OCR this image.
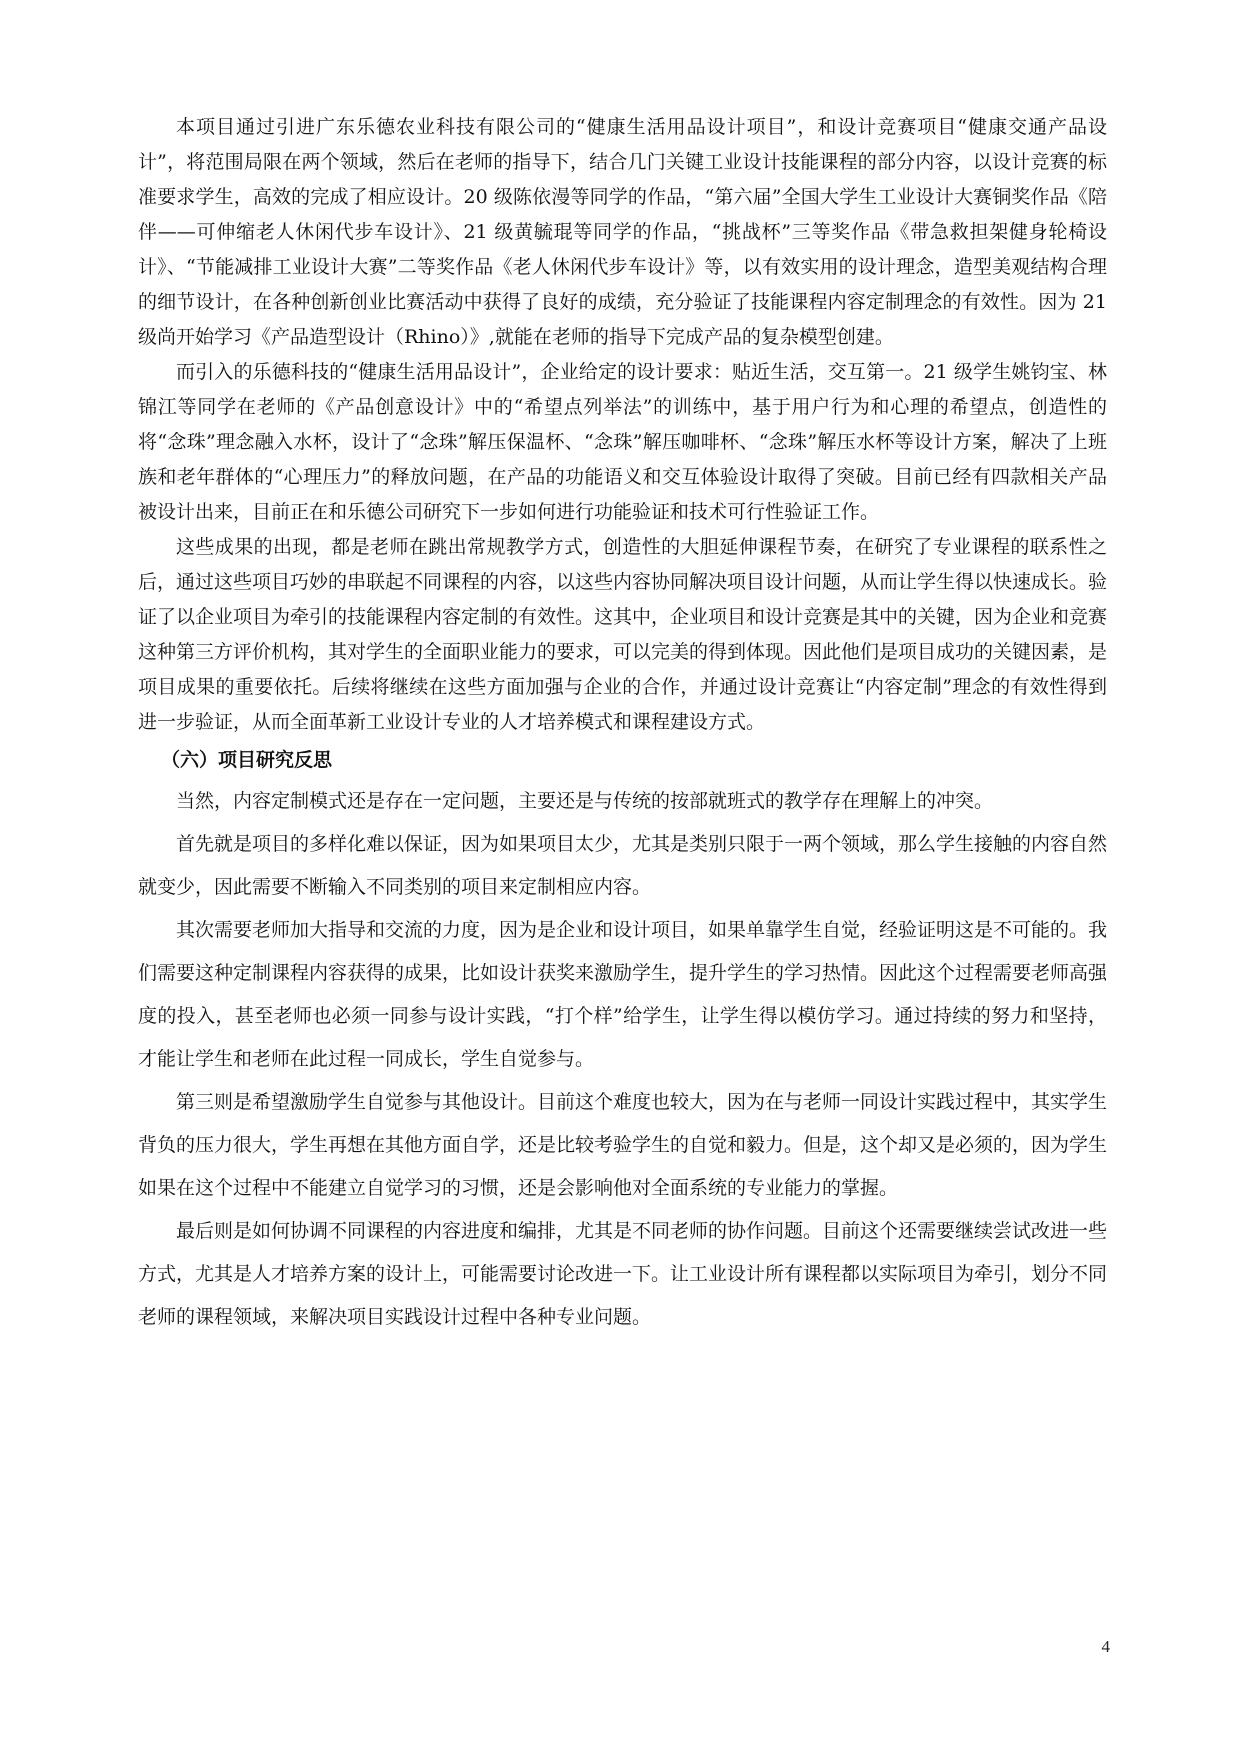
本项目通过引进广东乐德农业科技有限公司的“健康生活用品设计项目”，和设计竞赛项目“健康交通产品设计”，将范围局限在两个领域，然后在老师的指导下，结合几门关键工业设计技能课程的部分内容，以设计竞赛的标准要求学生，高效的完成了相应设计。20 级陈依漫等同学的作品，“第六届”全国大学生工业设计大赛铜奖作品《陪伴——可伸缩老人休闲代步车设计》、21 级黄毓琨等同学的作品，“挑战杯”三等奖作品《带急救担架健身轮椅设计》、“节能减排工业设计大赛”二等奖作品《老人休闲代步车设计》等，以有效实用的设计理念，造型美观结构合理的细节设计，在各种创新创业比赛活动中获得了良好的成绩，充分验证了技能课程内容定制理念的有效性。因为 21 级尚开始学习《产品造型设计（Rhino）》,就能在老师的指导下完成产品的复杂模型创建。

而引入的乐德科技的“健康生活用品设计”，企业给定的设计要求：贴近生活，交互第一。21 级学生姚钧宝、林锦江等同学在老师的《产品创意设计》中的“希望点列举法”的训练中，基于用户行为和心理的希望点，创造性的将“念珠”理念融入水杯，设计了“念珠”解压保温杯、“念珠”解压咖啡杯、“念珠”解压水杯等设计方案，解决了上班族和老年群体的“心理压力”的释放问题，在产品的功能语义和交互体验设计取得了突破。目前已经有四款相关产品被设计出来，目前正在和乐德公司研究下一步如何进行功能验证和技术可行性验证工作。

这些成果的出现，都是老师在跳出常规教学方式，创造性的大胆延伸课程节奏，在研究了专业课程的联系性之后，通过这些项目巧妙的串联起不同课程的内容，以这些内容协同解决项目设计问题，从而让学生得以快速成长。验证了以企业项目为牵引的技能课程内容定制的有效性。这其中，企业项目和设计竞赛是其中的关键，因为企业和竞赛这种第三方评价机构，其对学生的全面职业能力的要求，可以完美的得到体现。因此他们是项目成功的关键因素，是项目成果的重要依托。后续将继续在这些方面加强与企业的合作，并通过设计竞赛让“内容定制”理念的有效性得到进一步验证，从而全面革新工业设计专业的人才培养模式和课程建设方式。

（六）项目研究反思

当然，内容定制模式还是存在一定问题，主要还是与传统的按部就班式的教学存在理解上的冲突。

首先就是项目的多样化难以保证，因为如果项目太少，尤其是类别只限于一两个领域，那么学生接触的内容自然就变少，因此需要不断输入不同类别的项目来定制相应内容。

其次需要老师加大指导和交流的力度，因为是企业和设计项目，如果单靠学生自觉，经验证明这是不可能的。我们需要这种定制课程内容获得的成果，比如设计获奖来激励学生，提升学生的学习热情。因此这个过程需要老师高强度的投入，甚至老师也必须一同参与设计实践，“打个样”给学生，让学生得以模仿学习。通过持续的努力和坚持，才能让学生和老师在此过程一同成长，学生自觉参与。

第三则是希望激励学生自觉参与其他设计。目前这个难度也较大，因为在与老师一同设计实践过程中，其实学生背负的压力很大，学生再想在其他方面自学，还是比较考验学生的自觉和毅力。但是，这个却又是必须的，因为学生如果在这个过程中不能建立自觉学习的习惯，还是会影响他对全面系统的专业能力的掌握。

最后则是如何协调不同课程的内容进度和编排，尤其是不同老师的协作问题。目前这个还需要继续尝试改进一些方式，尤其是人才培养方案的设计上，可能需要讨论改进一下。让工业设计所有课程都以实际项目为牵引，划分不同老师的课程领域，来解决项目实践设计过程中各种专业问题。

4
